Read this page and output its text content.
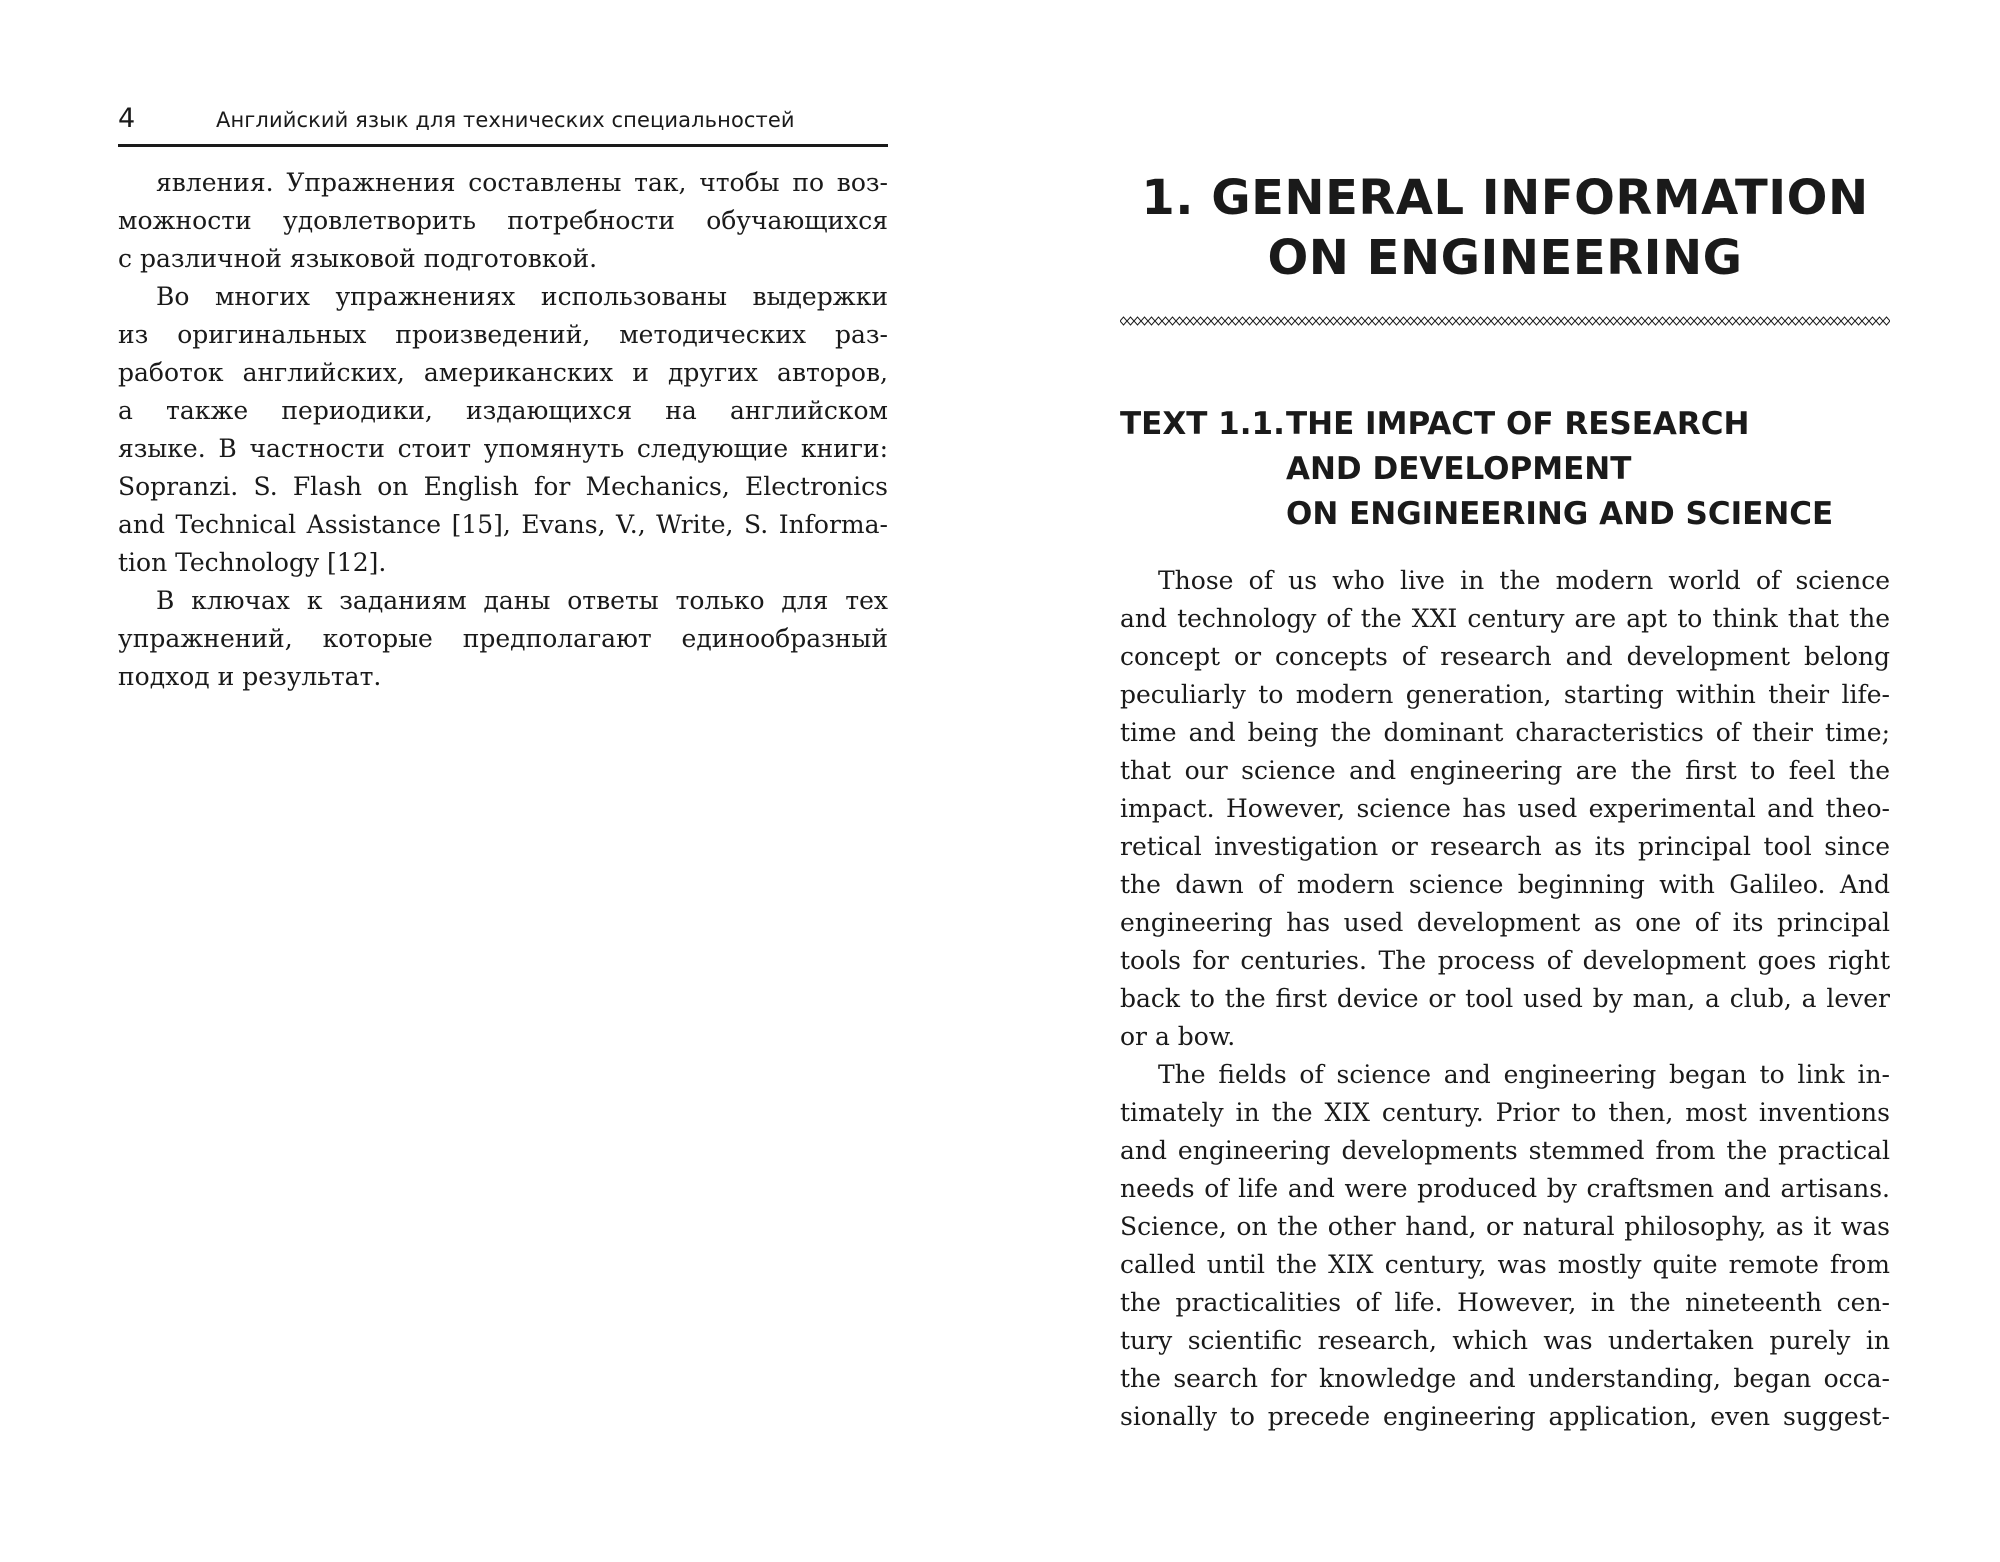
4	Английский язык для технических специальностей
явления. Упражнения составлены так, чтобы по воз-
можности удовлетворить потребности обучающихся
с различной языковой подготовкой.
Во многих упражнениях использованы выдержки
из оригинальных произведений, методических раз-
работок английских, американских и других авторов,
а также периодики, издающихся на английском
языке. В частности стоит упомянуть следующие книги:
Sopranzi. S. Flash on English for Mechanics, Electronics
and Technical Assistance [15], Evans, V., Write, S. Informa-
tion Technology [12].
В ключах к заданиям даны ответы только для тех
упражнений, которые предполагают единообразный
подход и результат.
1. GENERAL INFORMATION
ON ENGINEERING
TEXT 1.1. THE IMPACT OF RESEARCH
AND DEVELOPMENT
ON ENGINEERING AND SCIENCE
Those of us who live in the modern world of science
and technology of the XXI century are apt to think that the
concept or concepts of research and development belong
peculiarly to modern generation, starting within their life-
time and being the dominant characteristics of their time;
that our science and engineering are the first to feel the
impact. However, science has used experimental and theo-
retical investigation or research as its principal tool since
the dawn of modern science beginning with Galileo. And
engineering has used development as one of its principal
tools for centuries. The process of development goes right
back to the first device or tool used by man, a club, a lever
or a bow.
The fields of science and engineering began to link in-
timately in the XIX century. Prior to then, most inventions
and engineering developments stemmed from the practical
needs of life and were produced by craftsmen and artisans.
Science, on the other hand, or natural philosophy, as it was
called until the XIX century, was mostly quite remote from
the practicalities of life. However, in the nineteenth cen-
tury scientific research, which was undertaken purely in
the search for knowledge and understanding, began occa-
sionally to precede engineering application, even suggest-
